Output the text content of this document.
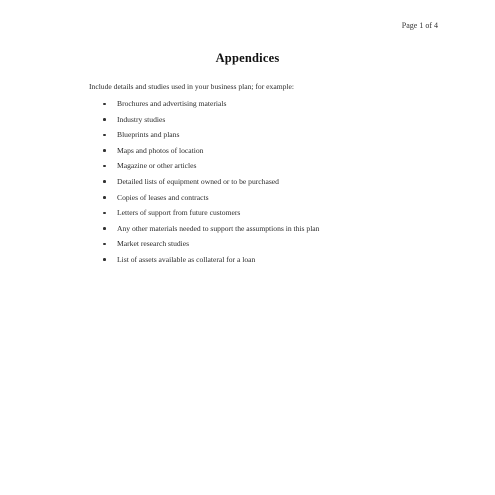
Page 1 of 4
Appendices
Include details and studies used in your business plan; for example:
Brochures and advertising materials
Industry studies
Blueprints and plans
Maps and photos of location
Magazine or other articles
Detailed lists of equipment owned or to be purchased
Copies of leases and contracts
Letters of support from future customers
Any other materials needed to support the assumptions in this plan
Market research studies
List of assets available as collateral for a loan
